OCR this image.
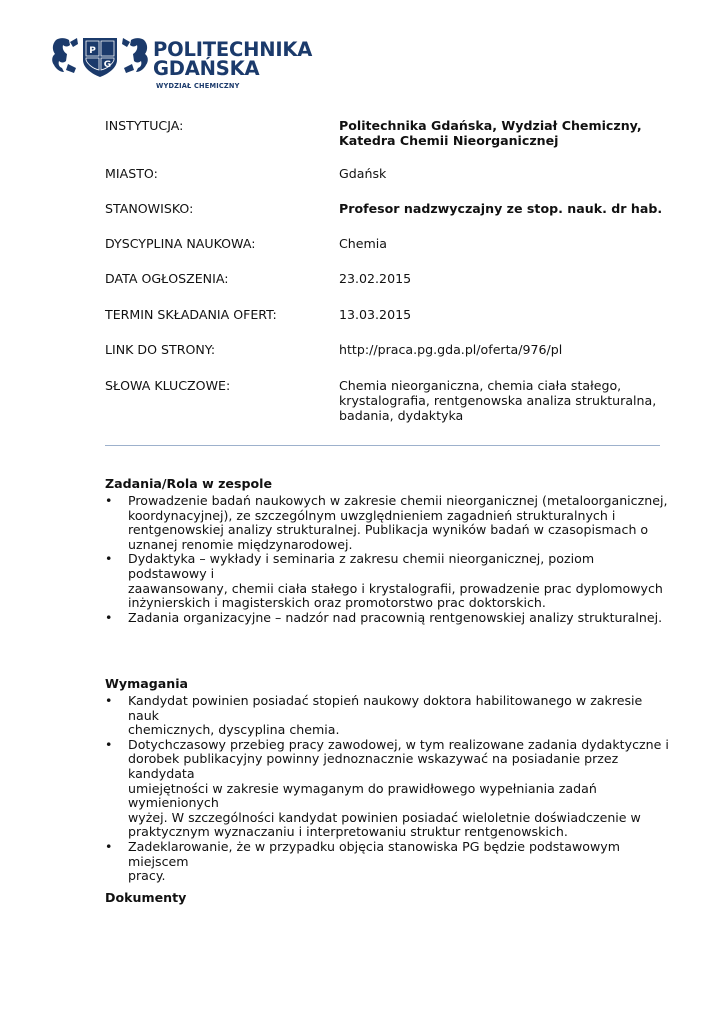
P
G
POLITECHNIKA
GDAŃSKA
WYDZIAŁ CHEMICZNY
INSTYTUCJA:	Politechnika Gdańska, Wydział Chemiczny,
Katedra Chemii Nieorganicznej
MIASTO:	Gdańsk
STANOWISKO:	Profesor nadzwyczajny ze stop. nauk. dr hab.
DYSCYPLINA NAUKOWA:	Chemia
DATA OGŁOSZENIA:	23.02.2015
TERMIN SKŁADANIA OFERT:	13.03.2015
LINK DO STRONY:	http://praca.pg.gda.pl/oferta/976/pl
SŁOWA KLUCZOWE:	Chemia nieorganiczna, chemia ciała stałego,
krystalografia, rentgenowska analiza strukturalna,
badania, dydaktyka
Zadania/Rola w zespole
• Prowadzenie badań naukowych w zakresie chemii nieorganicznej (metaloorganicznej,
koordynacyjnej), ze szczególnym uwzględnieniem zagadnień strukturalnych i
rentgenowskiej analizy strukturalnej. Publikacja wyników badań w czasopismach o
uznanej renomie międzynarodowej.
• Dydaktyka – wykłady i seminaria z zakresu chemii nieorganicznej, poziom podstawowy i
zaawansowany, chemii ciała stałego i krystalografii, prowadzenie prac dyplomowych
inżynierskich i magisterskich oraz promotorstwo prac doktorskich.
• Zadania organizacyjne – nadzór nad pracownią rentgenowskiej analizy strukturalnej.
Wymagania
• Kandydat powinien posiadać stopień naukowy doktora habilitowanego w zakresie nauk
chemicznych, dyscyplina chemia.
• Dotychczasowy przebieg pracy zawodowej, w tym realizowane zadania dydaktyczne i
dorobek publikacyjny powinny jednoznacznie wskazywać na posiadanie przez kandydata
umiejętności w zakresie wymaganym do prawidłowego wypełniania zadań wymienionych
wyżej. W szczególności kandydat powinien posiadać wieloletnie doświadczenie w
praktycznym wyznaczaniu i interpretowaniu struktur rentgenowskich.
• Zadeklarowanie, że w przypadku objęcia stanowiska PG będzie podstawowym miejscem
pracy.
Dokumenty
